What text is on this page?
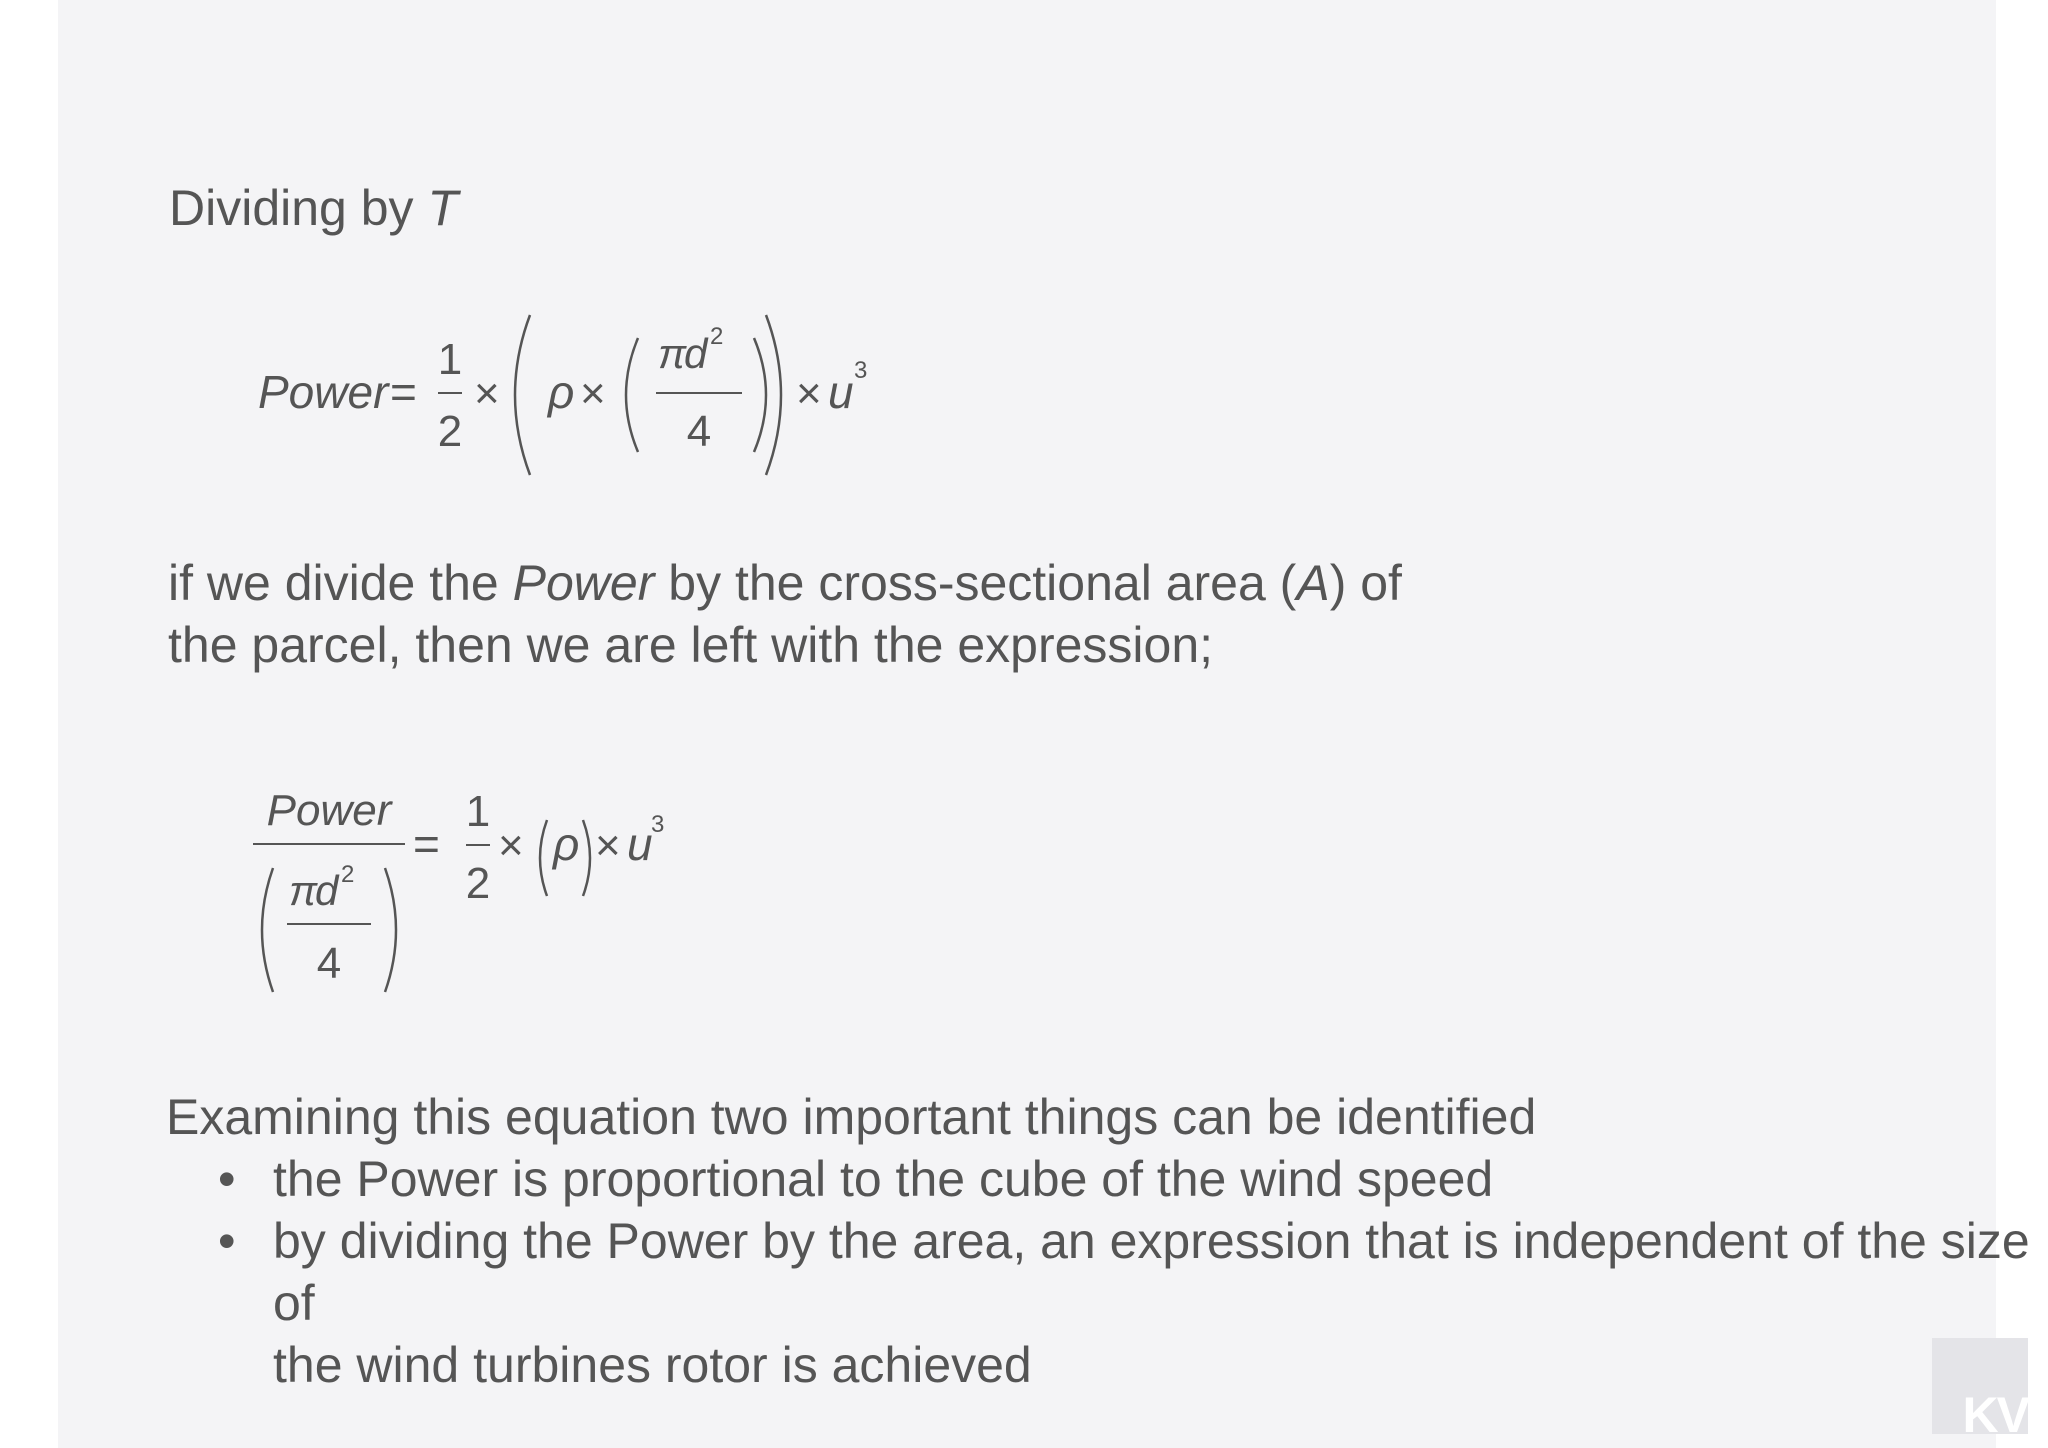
Dividing by T
Power =
1
2
× ρ ×
π
d 2
4
× u 3

if we divide the Power by the cross-sectional area (A) of
the parcel, then we are left with the expression;

Power
π
d 2
4
=
1
2
× ρ × u
3
Examining this equation two important things can be identified
• the Power is proportional to the cube of the wind speed
• by dividing the Power by the area, an expression that is independent of the size of
the wind turbines rotor is achieved
KV
